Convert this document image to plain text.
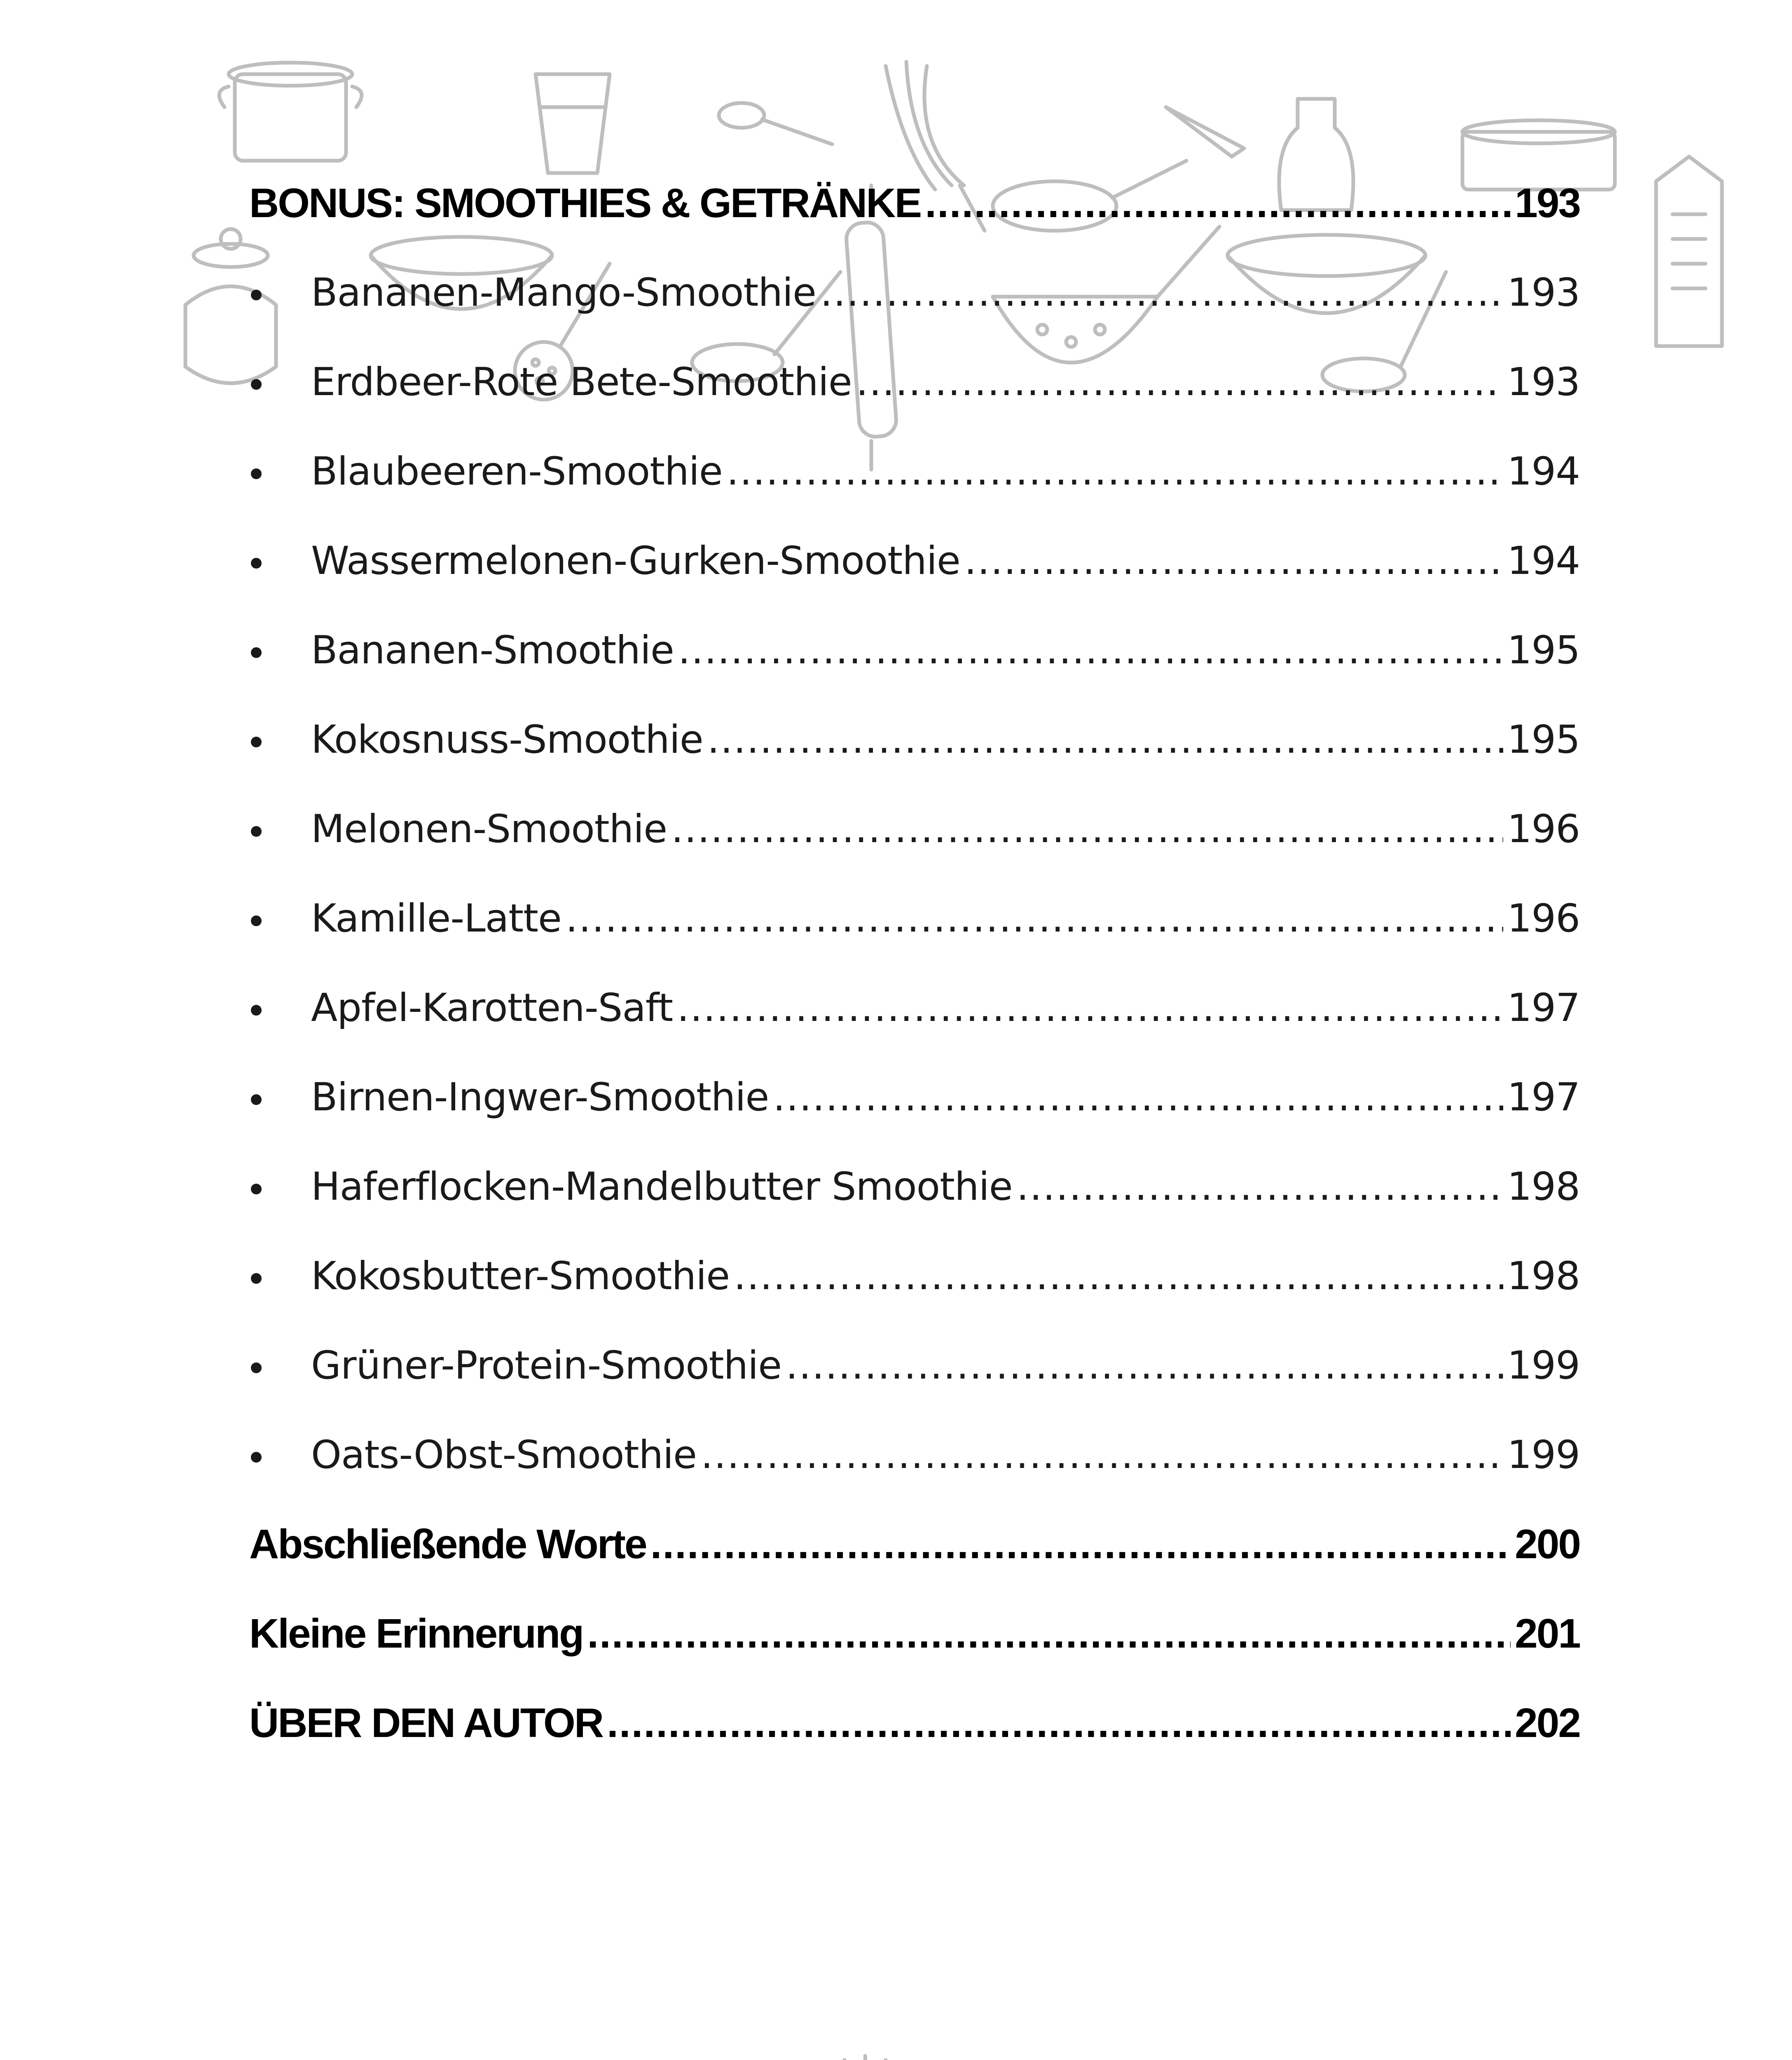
BONUS: SMOOTHIES & GETRÄNKE .....	193
Bananen-Mango-Smoothie .....	193
Erdbeer-Rote Bete-Smoothie .....	193
Blaubeeren-Smoothie .....	194
Wassermelonen-Gurken-Smoothie .....	194
Bananen-Smoothie .....	195
Kokosnuss-Smoothie .....	195
Melonen-Smoothie .....	196
Kamille-Latte .....	196
Apfel-Karotten-Saft .....	197
Birnen-Ingwer-Smoothie .....	197
Haferflocken-Mandelbutter Smoothie .....	198
Kokosbutter-Smoothie .....	198
Grüner-Protein-Smoothie .....	199
Oats-Obst-Smoothie .....	199
Abschließende Worte .....	200
Kleine Erinnerung .....	201
ÜBER DEN AUTOR .....	202
